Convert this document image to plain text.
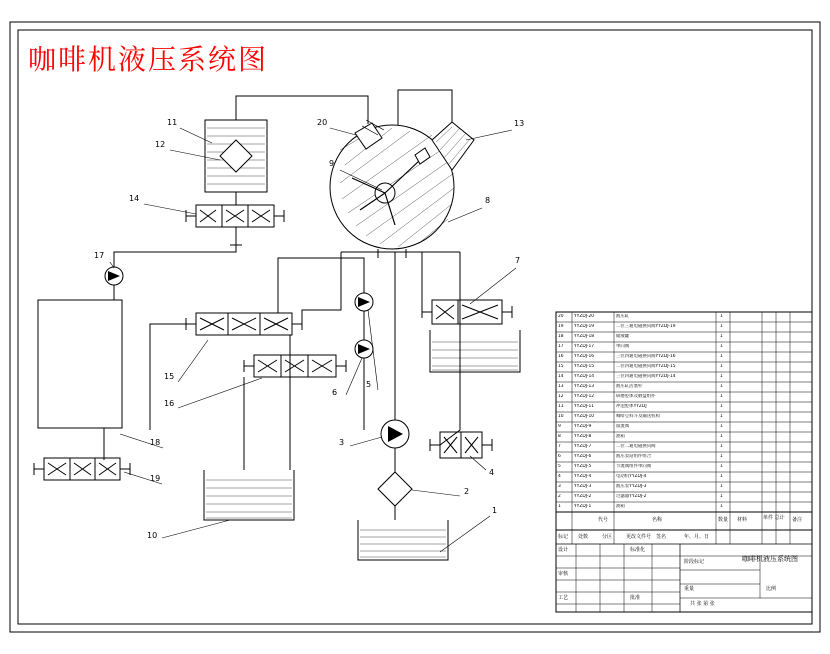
咖啡机液压系统图
1
2
3
4
5
6
7
8
9
10
11
12
13
14
15
16
17
18
19
20
20	YYZDJ-20	液压缸	1
19	YYZDJ-19	二位三通电磁换向阀YYZDJ-19	1
18	YYZDJ-18	储液罐	1
17	YYZDJ-17	单向阀	1
16	YYZDJ-16	三位四通电磁换向阀YYZDJ-16	1
15	YYZDJ-15	二位四通电磁换向阀YYZDJ-15	1
14	YYZDJ-14	三位四通电磁换向阀YYZDJ-14	1
13	YYZDJ-13	液压缸活塞杆	1
12	YYZDJ-12	研磨腔体及磨盘组件	1
11	YYZDJ-11	冲泡腔体YYZDJ	1
10	YYZDJ-10	咖啡豆料斗及输送机构	1
9	YYZDJ-9	溢流阀	1
8	YYZDJ-8	油箱	1
7	YYZDJ-7	二位二通电磁换向阀	1
6	YYZDJ-6	液压泵站组件组合	1
5	YYZDJ-5	节流阀组件单向阀	1
4	YYZDJ-4	电动机YYZDJ-4	1
3	YYZDJ-3	液压泵YYZDJ-3	1
2	YYZDJ-2	过滤器YYZDJ-2	1
1	YYZDJ-1	油箱	1
代号	名称	数量 材料	单件 总计 备注
标记 处数	分区	更改文件号 签名	年、月、日
设计
审核
工艺
标准化
批准
阶段标记
重量	比例
共 张 第 张
咖啡机液压系统图
